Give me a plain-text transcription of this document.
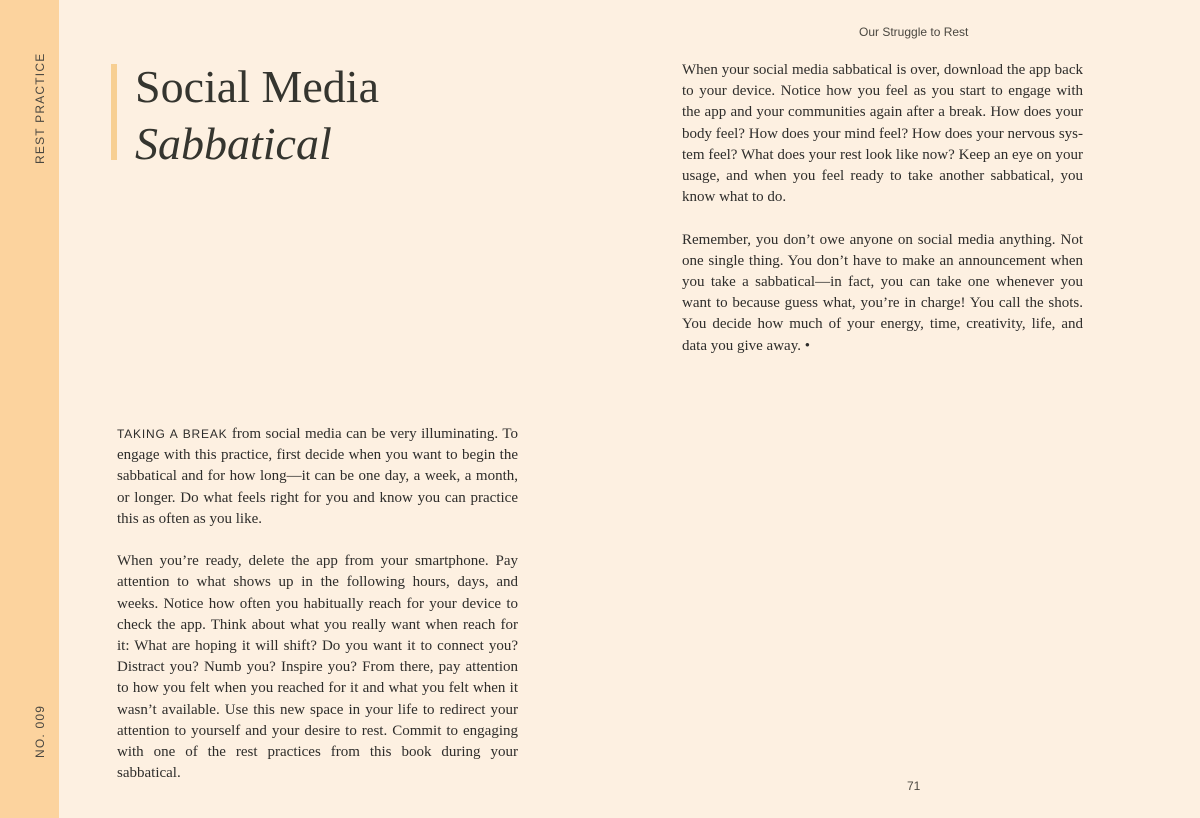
REST PRACTICE
NO. 009
Our Struggle to Rest
Social Media
Sabbatical

TAKING A BREAK from social media can be very illuminating. To engage with this practice, first decide when you want to begin the sabbatical and for how long—it can be one day, a week, a month, or longer. Do what feels right for you and know you can practice this as often as you like.

When you’re ready, delete the app from your smartphone. Pay attention to what shows up in the following hours, days, and weeks. Notice how often you habitually reach for your device to check the app. Think about what you really want when reach for it: What are hoping it will shift? Do you want it to connect you? Distract you? Numb you? Inspire you? From there, pay attention to how you felt when you reached for it and what you felt when it wasn’t available. Use this new space in your life to redirect your attention to yourself and your desire to rest. Commit to engaging with one of the rest practices from this book during your sabbatical.

When your social media sabbatical is over, download the app back to your device. Notice how you feel as you start to engage with the app and your communities again after a break. How does your body feel? How does your mind feel? How does your nervous system feel? What does your rest look like now? Keep an eye on your usage, and when you feel ready to take another sabbatical, you know what to do.

Remember, you don’t owe anyone on social media anything. Not one single thing. You don’t have to make an announcement when you take a sabbatical—in fact, you can take one whenever you want to because guess what, you’re in charge! You call the shots. You decide how much of your energy, time, creativity, life, and data you give away. •

71
